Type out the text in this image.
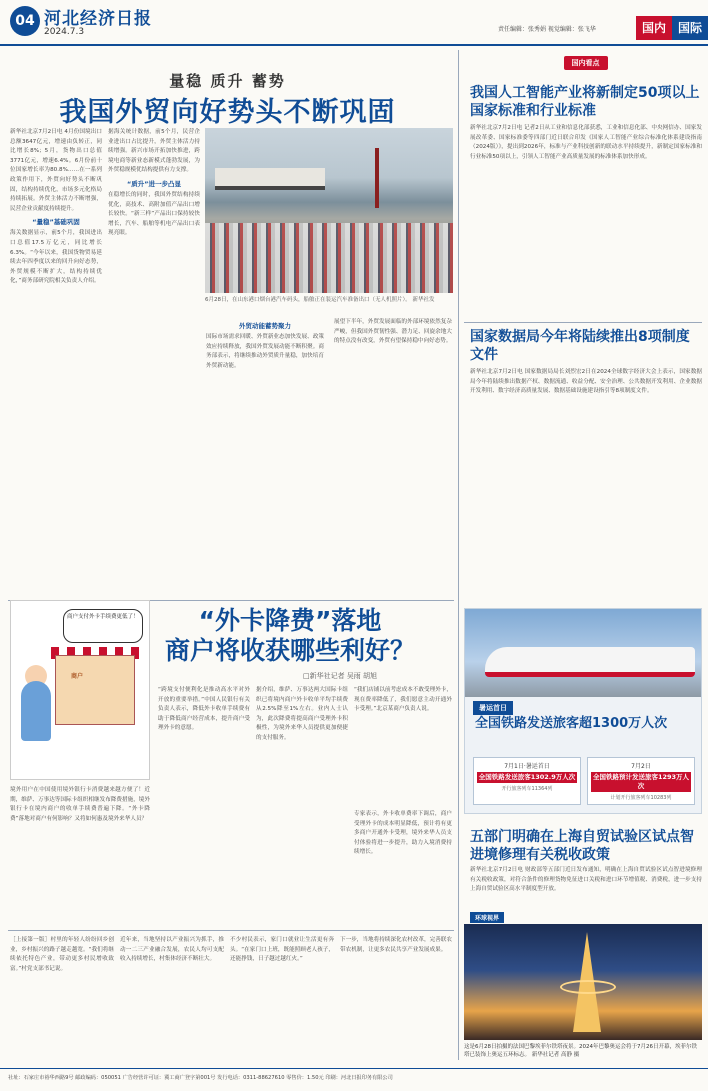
04 河北经济日报
2024.7.3	责任编辑：张秀娟 视觉编辑：张飞华	国内 国际
量稳 质升 蓄势
我国外贸向好势头不断巩固

新华社北京7月2日电 4月份国境出口总额3647亿元，增速由负转正，同比增长8%；5月，货物出口总值3771亿元，增速6.4%。6月份前十位国家增长率为80.8%……在一系列政策作用下，外贸向好势头不断巩固，结构持续优化，市场多元化格局持续拓展。外贸主体活力不断增强，民营企业贡献度持续提升。

“量稳”基础巩固

海关数据显示，前5个月，我国进出口总值17.5万亿元，同比增长6.3%。“今年以来，我国货物贸易延续去年四季度以来的回升向好态势，外贸规模不断扩大，结构持续优化，”商务部研究院相关负责人介绍。

据海关统计数据，前5个月，民营企业进出口占比提升，外贸主体活力持续增强。新兴市场开拓加快推进，跨境电商等新业态新模式蓬勃发展，为外贸稳规模优结构提供有力支撑。

“质升”进一步凸显

在稳增长的同时，我国外贸结构持续优化，高技术、高附加值产品出口增长较快。“新三样”产品出口保持较快增长，汽车、船舶等机电产品出口表现亮眼。

6月28日，在山东港口烟台港汽车码头，船舶正在装运汽车准备出口（无人机照片）。 新华社发
外贸动能蓄势聚力

国际市场需求回暖、外贸新业态加快发展、政策效应持续释放，我国外贸发展动能不断积聚。商务部表示，将继续推动外贸质升量稳，加快培育外贸新动能。

展望下半年，外贸发展面临的外部环境依然复杂严峻，但我国外贸韧性强、潜力足、回旋余地大的特点没有改变，外贸有望保持稳中向好态势。

商户支付外卡手续费更低了！
商户
“外卡降费”落地
商户将收获哪些利好？
□新华社记者 吴雨 胡旭

境外用户在中国使用境外银行卡消费越来越方便了！近期，维萨、万事达等国际卡组织相继发布降费措施，境外银行卡在境内商户的收单手续费普遍下降。“外卡降费”落地对商户有何影响？又将如何惠及境外来华人员？

“跨境支付便利化是推动高水平对外开放的重要举措。”中国人民银行有关负责人表示，降低外卡收单手续费有助于降低商户经营成本，提升商户受理外卡的意愿。

据介绍，维萨、万事达两大国际卡组织已将境内商户外卡收单平均手续费从2.5%降至1%左右。业内人士认为，此次降费将提高商户受理外卡积极性，为境外来华人员提供更加便捷的支付服务。

“我们店铺以前考虑成本不敢受理外卡，现在费率降低了，我们愿意主动开通外卡受理。”北京某商户负责人说。

专家表示，外卡收单费率下调后，商户受理外卡的成本明显降低，预计将有更多商户开通外卡受理，境外来华人员支付体验将进一步提升，助力入境消费持续增长。

［上接第一版］村里的年轻人纷纷回乡创业，乡村振兴的路子越走越宽。“我们将继续依托特色产业，带动更多村民增收致富。”村党支部书记说。

近年来，当地坚持以产业振兴为抓手，推动一二三产业融合发展，农民人均可支配收入持续增长，村集体经济不断壮大。

不少村民表示，家门口就业让生活更有奔头。“在家门口上班，既能照顾老人孩子，还能挣钱，日子越过越红火。”

下一步，当地将持续深化农村改革，完善联农带农机制，让更多农民共享产业发展成果。

国内看点
我国人工智能产业将新制定50项以上国家标准和行业标准

新华社北京7月2日电 记者2日从工业和信息化部获悉，工业和信息化部、中央网信办、国家发展改革委、国家标准委等四部门近日联合印发《国家人工智能产业综合标准化体系建设指南（2024版）》，提出到2026年，标准与产业科技创新的联动水平持续提升，新制定国家标准和行业标准50项以上，引领人工智能产业高质量发展的标准体系加快形成。

国家数据局今年将陆续推出8项制度文件

新华社北京7月2日电 国家数据局局长刘烈宏2日在2024全球数字经济大会上表示，国家数据局今年将陆续推出数据产权、数据流通、收益分配、安全治理、公共数据开发利用、企业数据开发利用、数字经济高质量发展、数据基础设施建设指引等8项制度文件。

暑运首日
全国铁路发送旅客超1300万人次
7月1日·暑运首日
全国铁路发送旅客1302.9万人次
开行旅客列车11364列
7月2日
全国铁路预计发送旅客1293万人次
计划开行旅客列车10283列
五部门明确在上海自贸试验区试点智进境修理有关税收政策

新华社北京7月2日电 财政部等五部门近日发布通知，明确在上海自贸试验区试点智进境修理有关税收政策，对符合条件的修理货物免征进口关税和进口环节增值税、消费税，进一步支持上海自贸试验区高水平制度型开放。

环球视界
这是6月28日拍摄的法国巴黎埃菲尔铁塔夜景。2024年巴黎奥运会将于7月26日开幕，埃菲尔铁塔已装饰上奥运五环标志。 新华社记者 高静 摄
社址：石家庄市裕华西路9号 邮政编码：050051 广告经营许可证：冀工商广登字第001号 发行电话：0311-88627610 零售价：1.50元 印刷：河北日报印务有限公司
